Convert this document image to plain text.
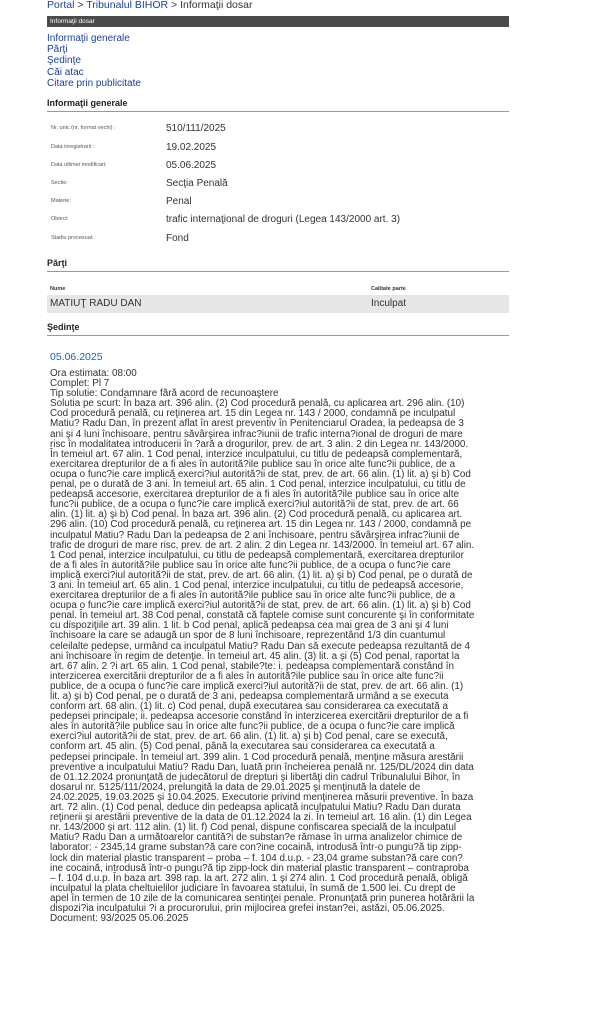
Portal > Tribunalul BIHOR > Informaţii dosar
Informaţii dosar
Informaţii generale
Părţi
Şedinţe
Căi atac
Citare prin publicitate
Informaţii generale
Nr. unic (nr. format vechi) :	510/111/2025
Data inregistrarii :	19.02.2025
Data ultimei modificari:	05.06.2025
Sectie:	Secţia Penală
Materie:	Penal
Obiect:	trafic internaţional de droguri (Legea 143/2000 art. 3)
Stadiu procesual:	Fond
Părţi
Nume	Calitate parte
MATIUŢ RADU DAN	Inculpat
Şedinţe
05.06.2025
Ora estimata: 08:00
Complet: Pl 7
Tip solutie: Condamnare fără acord de recunoaştere
Solutia pe scurt: În baza art. 396 alin. (2) Cod procedură penală, cu aplicarea art. 296 alin. (10)
Cod procedură penală, cu reţinerea art. 15 din Legea nr. 143 / 2000, condamnă pe inculpatul
Matiu? Radu Dan, în prezent aflat în arest preventiv în Penitenciarul Oradea, la pedeapsa de 3
ani şi 4 luni închisoare, pentru săvârşirea infrac?iunii de trafic interna?ional de droguri de mare
risc în modalitatea introducerii în ?ară a drogurilor, prev. de art. 3 alin. 2 din Legea nr. 143/2000.
În temeiul art. 67 alin. 1 Cod penal, interzice inculpatului, cu titlu de pedeapsă complementară,
exercitarea drepturilor de a fi ales în autorită?ile publice sau în orice alte func?ii publice, de a
ocupa o func?ie care implică exerci?iul autorită?ii de stat, prev. de art. 66 alin. (1) lit. a) şi b) Cod
penal, pe o durată de 3 ani. În temeiul art. 65 alin. 1 Cod penal, interzice inculpatului, cu titlu de
pedeapsă accesorie, exercitarea drepturilor de a fi ales în autorită?ile publice sau în orice alte
func?ii publice, de a ocupa o func?ie care implică exerci?iul autorită?ii de stat, prev. de art. 66
alin. (1) lit. a) şi b) Cod penal. În baza art. 396 alin. (2) Cod procedură penală, cu aplicarea art.
296 alin. (10) Cod procedură penală, cu reţinerea art. 15 din Legea nr. 143 / 2000, condamnă pe
inculpatul Matiu? Radu Dan la pedeapsa de 2 ani închisoare, pentru săvârşirea infrac?iunii de
trafic de droguri de mare risc, prev. de art. 2 alin. 2 din Legea nr. 143/2000. În temeiul art. 67 alin.
1 Cod penal, interzice inculpatului, cu titlu de pedeapsă complementară, exercitarea drepturilor
de a fi ales în autorită?ile publice sau în orice alte func?ii publice, de a ocupa o func?ie care
implică exerci?iul autorită?ii de stat, prev. de art. 66 alin. (1) lit. a) şi b) Cod penal, pe o durată de
3 ani. În temeiul art. 65 alin. 1 Cod penal, interzice inculpatului, cu titlu de pedeapsă accesorie,
exercitarea drepturilor de a fi ales în autorită?ile publice sau în orice alte func?ii publice, de a
ocupa o func?ie care implică exerci?iul autorită?ii de stat, prev. de art. 66 alin. (1) lit. a) şi b) Cod
penal. În temeiul art. 38 Cod penal, constată că faptele comise sunt concurente şi în conformitate
cu dispoziţiile art. 39 alin. 1 lit. b Cod penal, aplică pedeapsa cea mai grea de 3 ani şi 4 luni
închisoare la care se adaugă un spor de 8 luni închisoare, reprezentând 1/3 din cuantumul
celeilalte pedepse, urmând ca inculpatul Matiu? Radu Dan să execute pedeapsa rezultantă de 4
ani închisoare în regim de detenţie. În temeiul art. 45 alin. (3) lit. a şi (5) Cod penal, raportat la
art. 67 alin. 2 ?i art. 65 alin. 1 Cod penal, stabile?te: i. pedeapsa complementară constând în
interzicerea exercitării drepturilor de a fi ales în autorită?ile publice sau în orice alte func?ii
publice, de a ocupa o func?ie care implică exerci?iul autorită?ii de stat, prev. de art. 66 alin. (1)
lit. a) şi b) Cod penal, pe o durată de 3 ani, pedeapsa complementară urmând a se executa
conform art. 68 alin. (1) lit. c) Cod penal, după executarea sau considerarea ca executată a
pedepsei principale; ii. pedeapsa accesorie constând în interzicerea exercitării drepturilor de a fi
ales în autorită?ile publice sau în orice alte func?ii publice, de a ocupa o func?ie care implică
exerci?iul autorită?ii de stat, prev. de art. 66 alin. (1) lit. a) şi b) Cod penal, care se execută,
conform art. 45 alin. (5) Cod penal, până la executarea sau considerarea ca executată a
pedepsei principale. În temeiul art. 399 alin. 1 Cod procedură penală, menţine măsura arestării
preventive a inculpatului Matiu? Radu Dan, luată prin încheierea penală nr. 125/DL/2024 din data
de 01.12.2024 pronunţată de judecătorul de drepturi şi libertăţi din cadrul Tribunalului Bihor, în
dosarul nr. 5125/111/2024, prelungită la data de 29.01.2025 şi menţinută la datele de
24.02.2025, 19.03.2025 şi 10.04.2025. Executorie privind menţinerea măsurii preventive. În baza
art. 72 alin. (1) Cod penal, deduce din pedeapsa aplicată inculpatului Matiu? Radu Dan durata
reţinerii şi arestării preventive de la data de 01.12.2024 la zi. În temeiul art. 16 alin. (1) din Legea
nr. 143/2000 şi art. 112 alin. (1) lit. f) Cod penal, dispune confiscarea specială de la inculpatul
Matiu? Radu Dan a următoarelor cantită?i de substan?e rămase în urma analizelor chimice de
laborator: - 2345,14 grame substan?ă care con?ine cocaină, introdusă într-o pungu?ă tip zipp-
lock din material plastic transparent – proba – f. 104 d.u.p. - 23,04 grame substan?ă care con?
ine cocaină, introdusă într-o pungu?ă tip zipp-lock din material plastic transparent – contraproba
– f. 104 d.u.p. În baza art. 398 rap. la art. 272 alin. 1 şi 274 alin. 1 Cod procedură penală, obligă
inculpatul la plata cheltuielilor judiciare în favoarea statului, în sumă de 1.500 lei. Cu drept de
apel în termen de 10 zile de la comunicarea sentinţei penale. Pronunţată prin punerea hotărârii la
dispozi?ia inculpatului ?i a procurorului, prin mijlocirea grefei instan?ei, astăzi, 05.06.2025.
Document: 93/2025 05.06.2025
